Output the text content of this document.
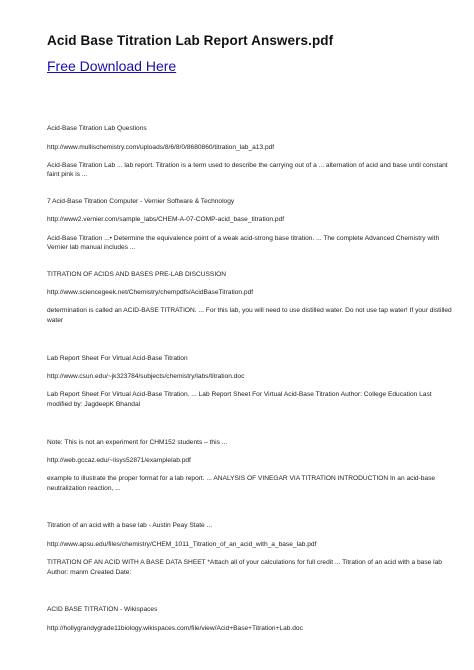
Acid Base Titration Lab Report Answers.pdf
Free Download Here
Acid-Base Titration Lab Questions
http://www.mullischemistry.com/uploads/8/6/8/0/8680860/titration_lab_a13.pdf
Acid-Base Titration Lab ... lab report. Titration is a term used to describe the carrying out of a ... alternation of acid and base until constant faint pink is ...
7 Acid-Base Titration Computer - Vernier Software & Technology
http://www2.vernier.com/sample_labs/CHEM-A-07-COMP-acid_base_titration.pdf
Acid-Base Titration ...• Determine the equivalence point of a weak acid-strong base titration. ... The complete Advanced Chemistry with Vernier lab manual includes ...
TITRATION OF ACIDS AND BASES PRE-LAB DISCUSSION
http://www.sciencegeek.net/Chemistry/chempdfs/AcidBaseTitration.pdf
determination is called an ACID-BASE TITRATION. ... For this lab, you will need to use distilled water. Do not use tap water! If your distilled water
Lab Report Sheet For Virtual Acid-Base Titration
http://www.csun.edu/~jk323784/subjects/chemistry/labs/titration.doc
Lab Report Sheet For Virtual Acid-Base Titration. ... Lab Report Sheet For Virtual Acid-Base Titration Author: College Education Last modified by: JagdeepK Bhandal
Note: This is not an experiment for CHM152 students – this ...
http://web.gccaz.edu/~lisys52871/examplelab.pdf
example to illustrate the proper format for a lab report. ... ANALYSIS OF VINEGAR VIA TITRATION INTRODUCTION In an acid-base neutralization reaction, ...
Titration of an acid with a base lab - Austin Peay State ...
http://www.apsu.edu/files/chemistry/CHEM_1011_Titration_of_an_acid_with_a_base_lab.pdf
TITRATION OF AN ACID WITH A BASE DATA SHEET *Attach all of your calculations for full credit ... Titration of an acid with a base lab Author: manm Created Date:
ACID BASE TITRATION - Wikispaces
http://hollygrandygrade11biology.wikispaces.com/file/view/Acid+Base+Titration+Lab.doc
